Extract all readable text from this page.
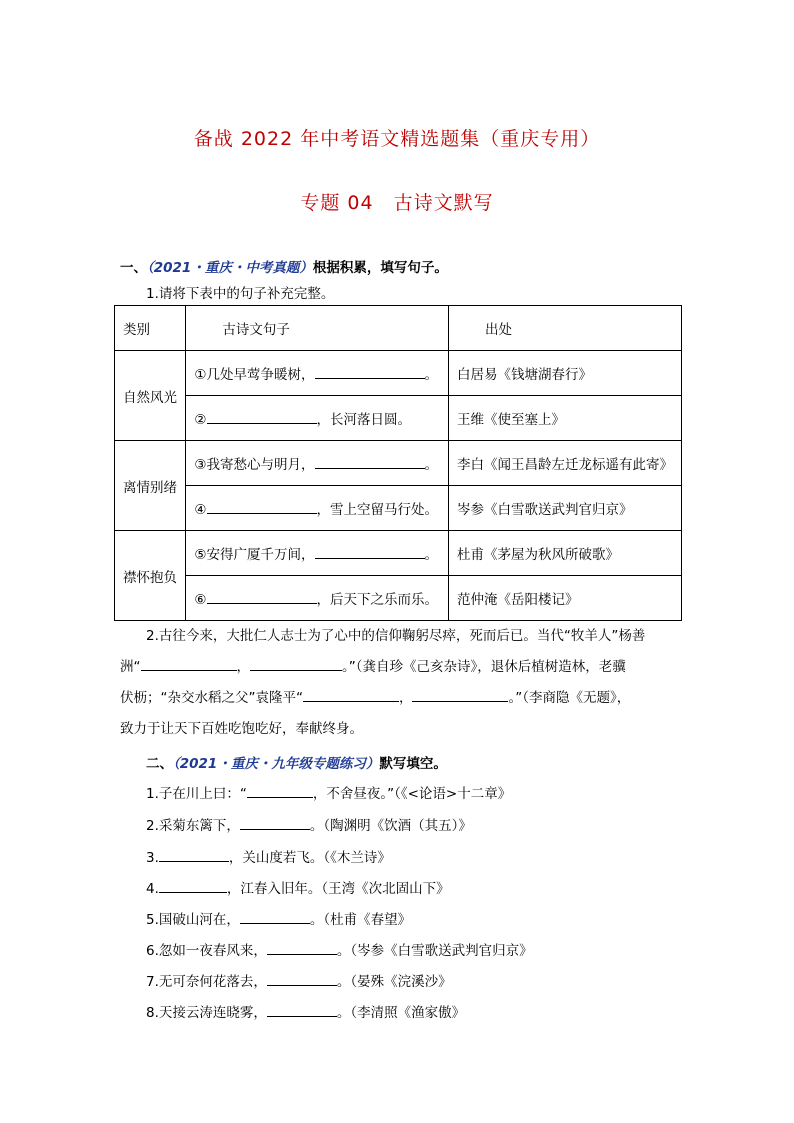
备战 2022 年中考语文精选题集（重庆专用）
专题 04　古诗文默写
一、（2021・重庆・中考真题）根据积累，填写句子。
1.请将下表中的句子补充完整。
类别	古诗文句子	出处
自然风光	①几处早莺争暖树， 。	白居易《钱塘湖春行》
	② ，长河落日圆。	王维《使至塞上》
离情别绪	③我寄愁心与明月， 。	李白《闻王昌龄左迁龙标遥有此寄》
	④ ，雪上空留马行处。	岑参《白雪歌送武判官归京》
襟怀抱负	⑤安得广厦千万间， 。	杜甫《茅屋为秋风所破歌》
	⑥ ，后天下之乐而乐。	范仲淹《岳阳楼记》
2.古往今来，大批仁人志士为了心中的信仰鞠躬尽瘁，死而后已。当代“牧羊人”杨善
洲“	，	。”（龚自珍《己亥杂诗》，退休后植树造林，老骥
伏枥；“杂交水稻之父”袁隆平“	，	。”（李商隐《无题》，
致力于让天下百姓吃饱吃好，奉献终身。
二、（2021・重庆・九年级专题练习）默写填空。
1.子在川上曰：“	，不舍昼夜。”（《<论语>十二章》
2.采菊东篱下，	。（陶渊明《饮酒（其五）》
3.	，关山度若飞。（《木兰诗》
4.	，江春入旧年。（王湾《次北固山下》
5.国破山河在，	。（杜甫《春望》
6.忽如一夜春风来，	。（岑参《白雪歌送武判官归京》
7.无可奈何花落去，	。（晏殊《浣溪沙》
8.天接云涛连晓雾，	。（李清照《渔家傲》
